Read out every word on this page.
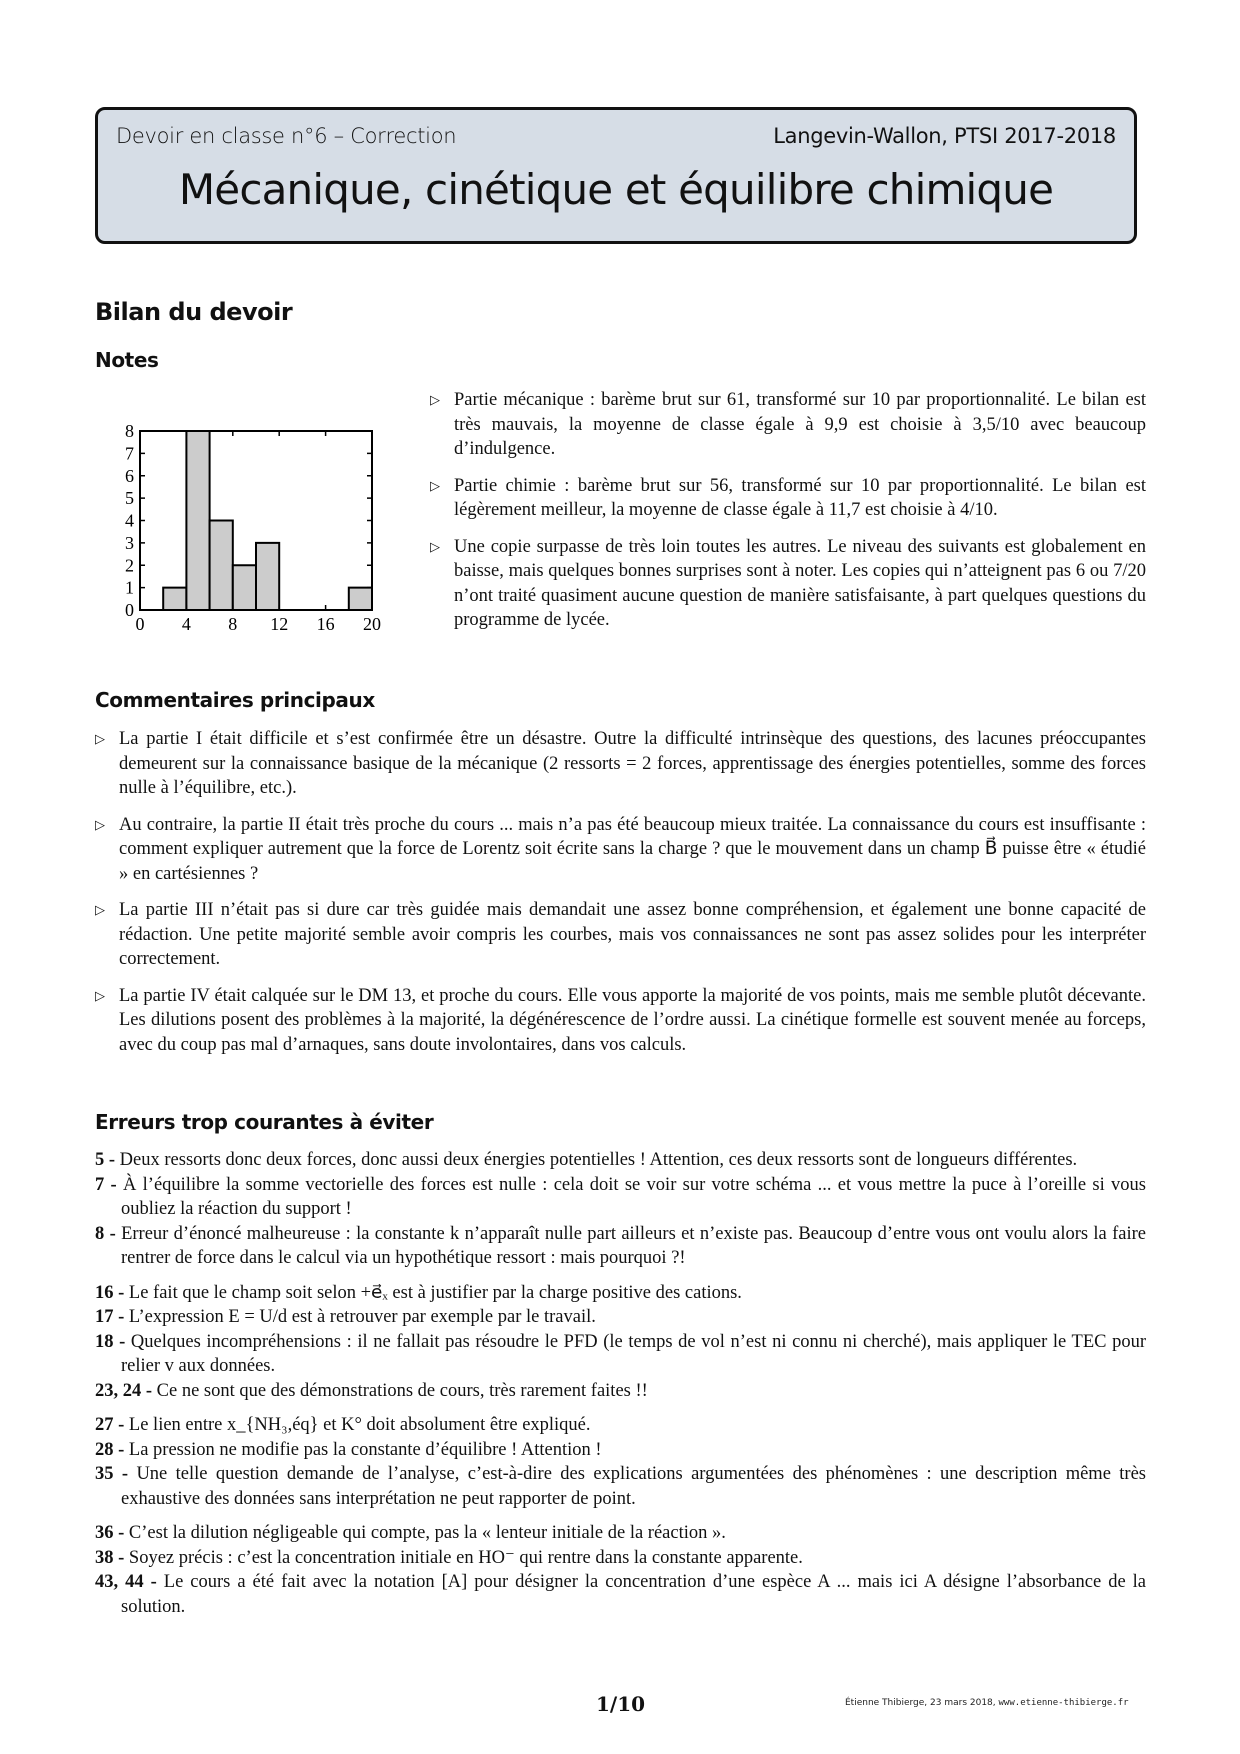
Devoir en classe n°6 – Correction	Langevin-Wallon, PTSI 2017-2018
Mécanique, cinétique et équilibre chimique
Bilan du devoir
Notes
0
1
2
3
4
5
6
7
8
0 4 8 12 16 20
▷ Partie mécanique : barème brut sur 61, transformé sur 10 par proportionnalité. Le bilan est très mauvais, la moyenne de classe égale à 9,9 est choisie à 3,5/10 avec beaucoup d’indulgence.
▷ Partie chimie : barème brut sur 56, transformé sur 10 par proportionnalité. Le bilan est légèrement meilleur, la moyenne de classe égale à 11,7 est choisie à 4/10.
▷ Une copie surpasse de très loin toutes les autres. Le niveau des suivants est globalement en baisse, mais quelques bonnes surprises sont à noter. Les copies qui n’atteignent pas 6 ou 7/20 n’ont traité quasiment aucune question de manière satisfaisante, à part quelques questions du programme de lycée.
Commentaires principaux
▷ La partie I était difficile et s’est confirmée être un désastre. Outre la difficulté intrinsèque des questions, des lacunes préoccupantes demeurent sur la connaissance basique de la mécanique (2 ressorts = 2 forces, apprentissage des énergies potentielles, somme des forces nulle à l’équilibre, etc.).
▷ Au contraire, la partie II était très proche du cours ... mais n’a pas été beaucoup mieux traitée. La connaissance du cours est insuffisante : comment expliquer autrement que la force de Lorentz soit écrite sans la charge ? que le mouvement dans un champ B⃗ puisse être « étudié » en cartésiennes ?
▷ La partie III n’était pas si dure car très guidée mais demandait une assez bonne compréhension, et également une bonne capacité de rédaction. Une petite majorité semble avoir compris les courbes, mais vos connaissances ne sont pas assez solides pour les interpréter correctement.
▷ La partie IV était calquée sur le DM 13, et proche du cours. Elle vous apporte la majorité de vos points, mais me semble plutôt décevante. Les dilutions posent des problèmes à la majorité, la dégénérescence de l’ordre aussi. La cinétique formelle est souvent menée au forceps, avec du coup pas mal d’arnaques, sans doute involontaires, dans vos calculs.
Erreurs trop courantes à éviter

5 - Deux ressorts donc deux forces, donc aussi deux énergies potentielles ! Attention, ces deux ressorts sont de longueurs différentes.

7 - À l’équilibre la somme vectorielle des forces est nulle : cela doit se voir sur votre schéma ... et vous mettre la puce à l’oreille si vous oubliez la réaction du support !

8 - Erreur d’énoncé malheureuse : la constante k n’apparaît nulle part ailleurs et n’existe pas. Beaucoup d’entre vous ont voulu alors la faire rentrer de force dans le calcul via un hypothétique ressort : mais pourquoi ?!

16 - Le fait que le champ soit selon +e⃗ₓ est à justifier par la charge positive des cations.

17 - L’expression E = U/d est à retrouver par exemple par le travail.

18 - Quelques incompréhensions : il ne fallait pas résoudre le PFD (le temps de vol n’est ni connu ni cherché), mais appliquer le TEC pour relier v aux données.

23, 24 - Ce ne sont que des démonstrations de cours, très rarement faites !!

27 - Le lien entre x_{NH₃,éq} et K° doit absolument être expliqué.

28 - La pression ne modifie pas la constante d’équilibre ! Attention !

35 - Une telle question demande de l’analyse, c’est-à-dire des explications argumentées des phénomènes : une description même très exhaustive des données sans interprétation ne peut rapporter de point.

36 - C’est la dilution négligeable qui compte, pas la « lenteur initiale de la réaction ».

38 - Soyez précis : c’est la concentration initiale en HO⁻ qui rentre dans la constante apparente.

43, 44 - Le cours a été fait avec la notation [A] pour désigner la concentration d’une espèce A ... mais ici A désigne l’absorbance de la solution.

1/10	Étienne Thibierge, 23 mars 2018, www.etienne-thibierge.fr
